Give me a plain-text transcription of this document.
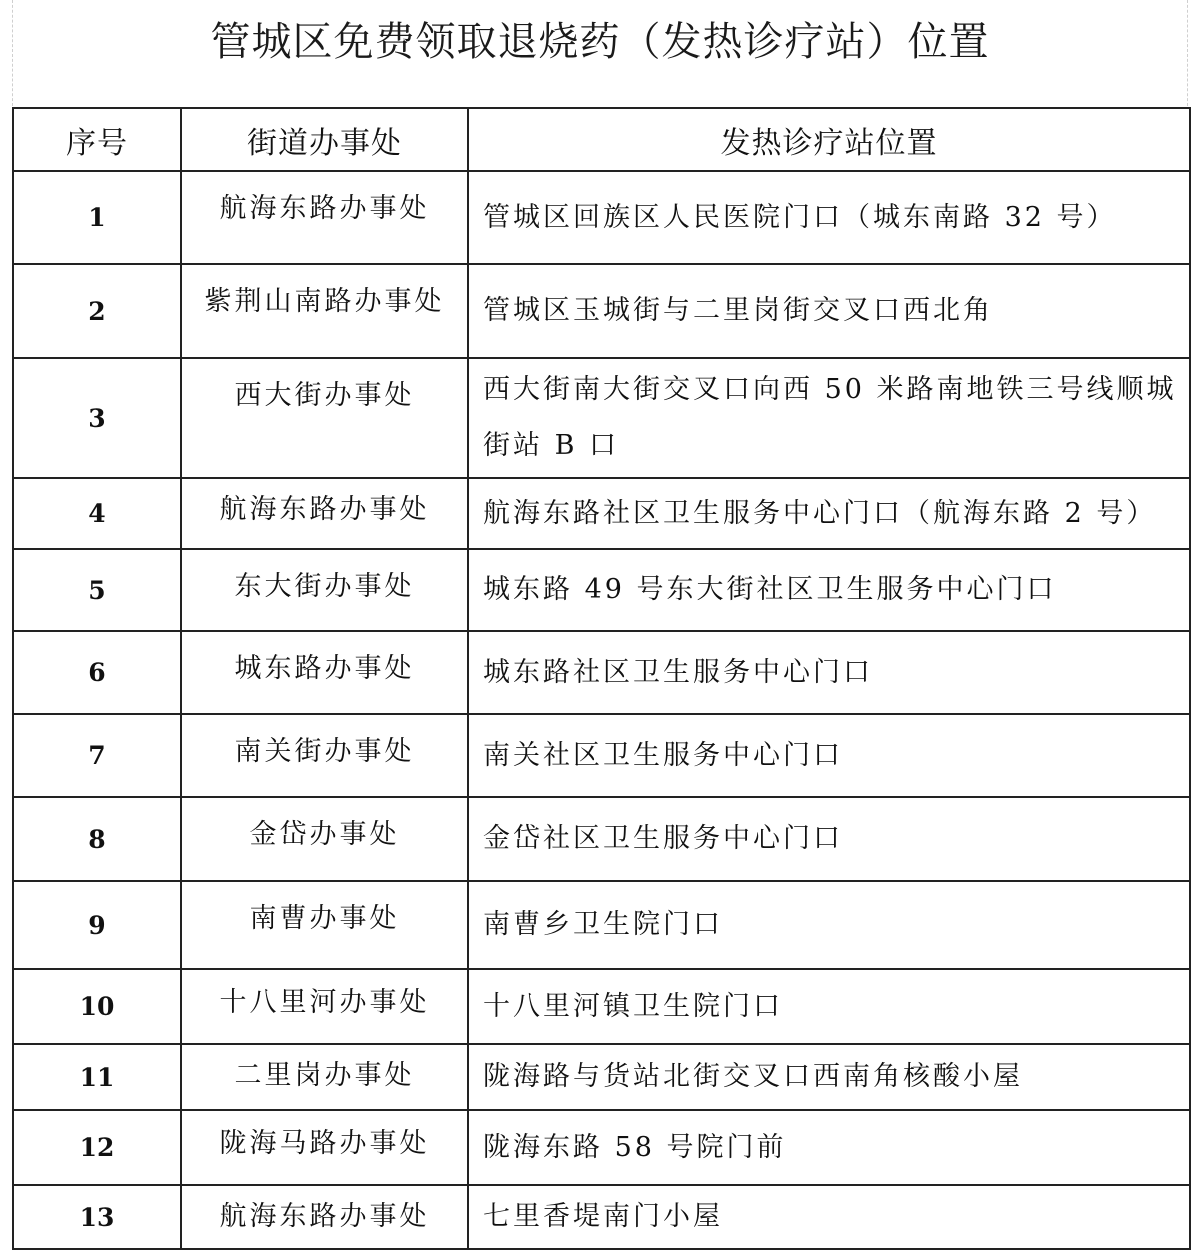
管城区免费领取退烧药（发热诊疗站）位置
序号	街道办事处	发热诊疗站位置
1	航海东路办事处	管城区回族区人民医院门口（城东南路 32 号）
2	紫荆山南路办事处	管城区玉城街与二里岗街交叉口西北角
3	西大街办事处	西大街南大街交叉口向西 50 米路南地铁三号线顺城街站 B 口
4	航海东路办事处	航海东路社区卫生服务中心门口（航海东路 2 号）
5	东大街办事处	城东路 49 号东大街社区卫生服务中心门口
6	城东路办事处	城东路社区卫生服务中心门口
7	南关街办事处	南关社区卫生服务中心门口
8	金岱办事处	金岱社区卫生服务中心门口
9	南曹办事处	南曹乡卫生院门口
10	十八里河办事处	十八里河镇卫生院门口
11	二里岗办事处	陇海路与货站北街交叉口西南角核酸小屋
12	陇海马路办事处	陇海东路 58 号院门前
13	航海东路办事处	七里香堤南门小屋
